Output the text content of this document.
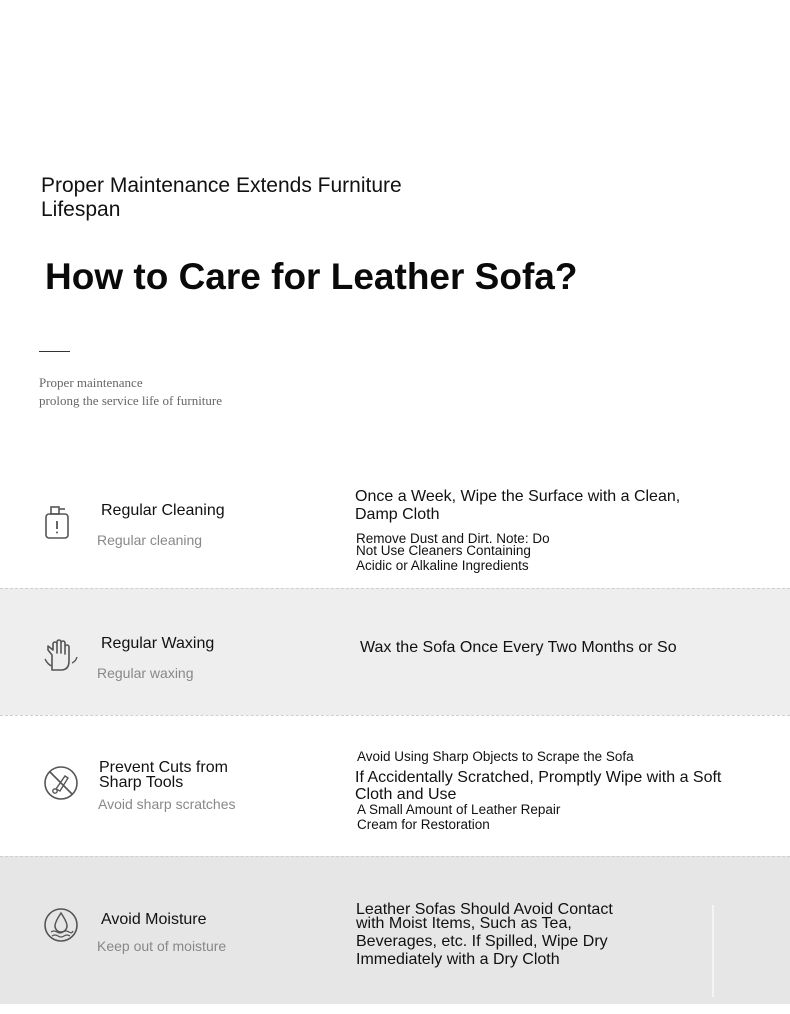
Proper Maintenance Extends Furniture Lifespan
How to Care for Leather Sofa?
Proper maintenance
prolong the service life of furniture
Regular Cleaning
Regular cleaning
Once a Week, Wipe the Surface with a Clean, Damp Cloth
Remove Dust and Dirt. Note: Do
Not Use Cleaners Containing
Acidic or Alkaline Ingredients
Regular Waxing
Regular waxing
Wax the Sofa Once Every Two Months or So
Prevent Cuts from
Sharp Tools
Avoid sharp scratches
Avoid Using Sharp Objects to Scrape the Sofa
If Accidentally Scratched, Promptly Wipe with a Soft
Cloth and Use
A Small Amount of Leather Repair
Cream for Restoration
Avoid Moisture
Keep out of moisture
Leather Sofas Should Avoid Contact
with Moist Items, Such as Tea,
Beverages, etc. If Spilled, Wipe Dry
Immediately with a Dry Cloth
